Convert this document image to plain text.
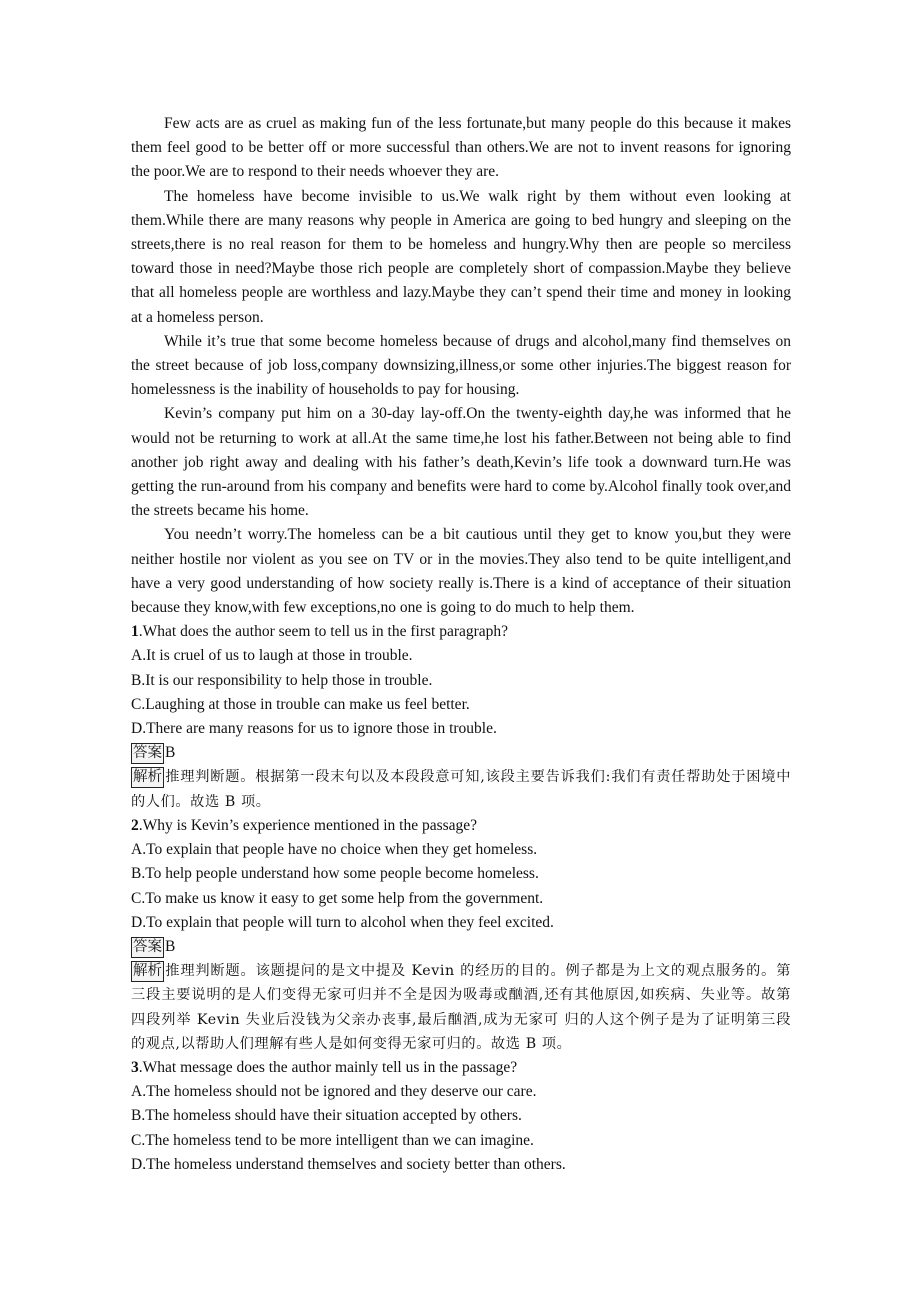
Few acts are as cruel as making fun of the less fortunate,but many people do this because it makes them feel good to be better off or more successful than others.We are not to invent reasons for ignoring the poor.We are to respond to their needs whoever they are.

The homeless have become invisible to us.We walk right by them without even looking at them.While there are many reasons why people in America are going to bed hungry and sleeping on the streets,there is no real reason for them to be homeless and hungry.Why then are people so merciless toward those in need?Maybe those rich people are completely short of compassion.Maybe they believe that all homeless people are worthless and lazy.Maybe they can’t spend their time and money in looking at a homeless person.

While it’s true that some become homeless because of drugs and alcohol,many find themselves on the street because of job loss,company downsizing,illness,or some other injuries.The biggest reason for homelessness is the inability of households to pay for housing.

Kevin’s company put him on a 30-day lay-off.On the twenty-eighth day,he was informed that he would not be returning to work at all.At the same time,he lost his father.Between not being able to find another job right away and dealing with his father’s death,Kevin’s life took a downward turn.He was getting the run-around from his company and benefits were hard to come by.Alcohol finally took over,and the streets became his home.

You needn’t worry.The homeless can be a bit cautious until they get to know you,but they were neither hostile nor violent as you see on TV or in the movies.They also tend to be quite intelligent,and have a very good understanding of how society really is.There is a kind of acceptance of their situation because they know,with few exceptions,no one is going to do much to help them.

1.What does the author seem to tell us in the first paragraph?

A.It is cruel of us to laugh at those in trouble.

B.It is our responsibility to help those in trouble.

C.Laughing at those in trouble can make us feel better.

D.There are many reasons for us to ignore those in trouble.

答案 B

解析 推理判断题。根据第一段末句以及本段段意可知,该段主要告诉我们:我们有责任帮助处于困境中的人们。故选 B 项。

2.Why is Kevin’s experience mentioned in the passage?

A.To explain that people have no choice when they get homeless.

B.To help people understand how some people become homeless.

C.To make us know it easy to get some help from the government.

D.To explain that people will turn to alcohol when they feel excited.

答案 B

解析 推理判断题。该题提问的是文中提及 Kevin 的经历的目的。例子都是为上文的观点服务的。第三段主要说明的是人们变得无家可归并不全是因为吸毒或酗酒,还有其他原因,如疾病、失业等。故第四段列举 Kevin 失业后没钱为父亲办丧事,最后酗酒,成为无家可 归的人这个例子是为了证明第三段的观点,以帮助人们理解有些人是如何变得无家可归的。故选 B 项。

3.What message does the author mainly tell us in the passage?

A.The homeless should not be ignored and they deserve our care.

B.The homeless should have their situation accepted by others.

C.The homeless tend to be more intelligent than we can imagine.

D.The homeless understand themselves and society better than others.
